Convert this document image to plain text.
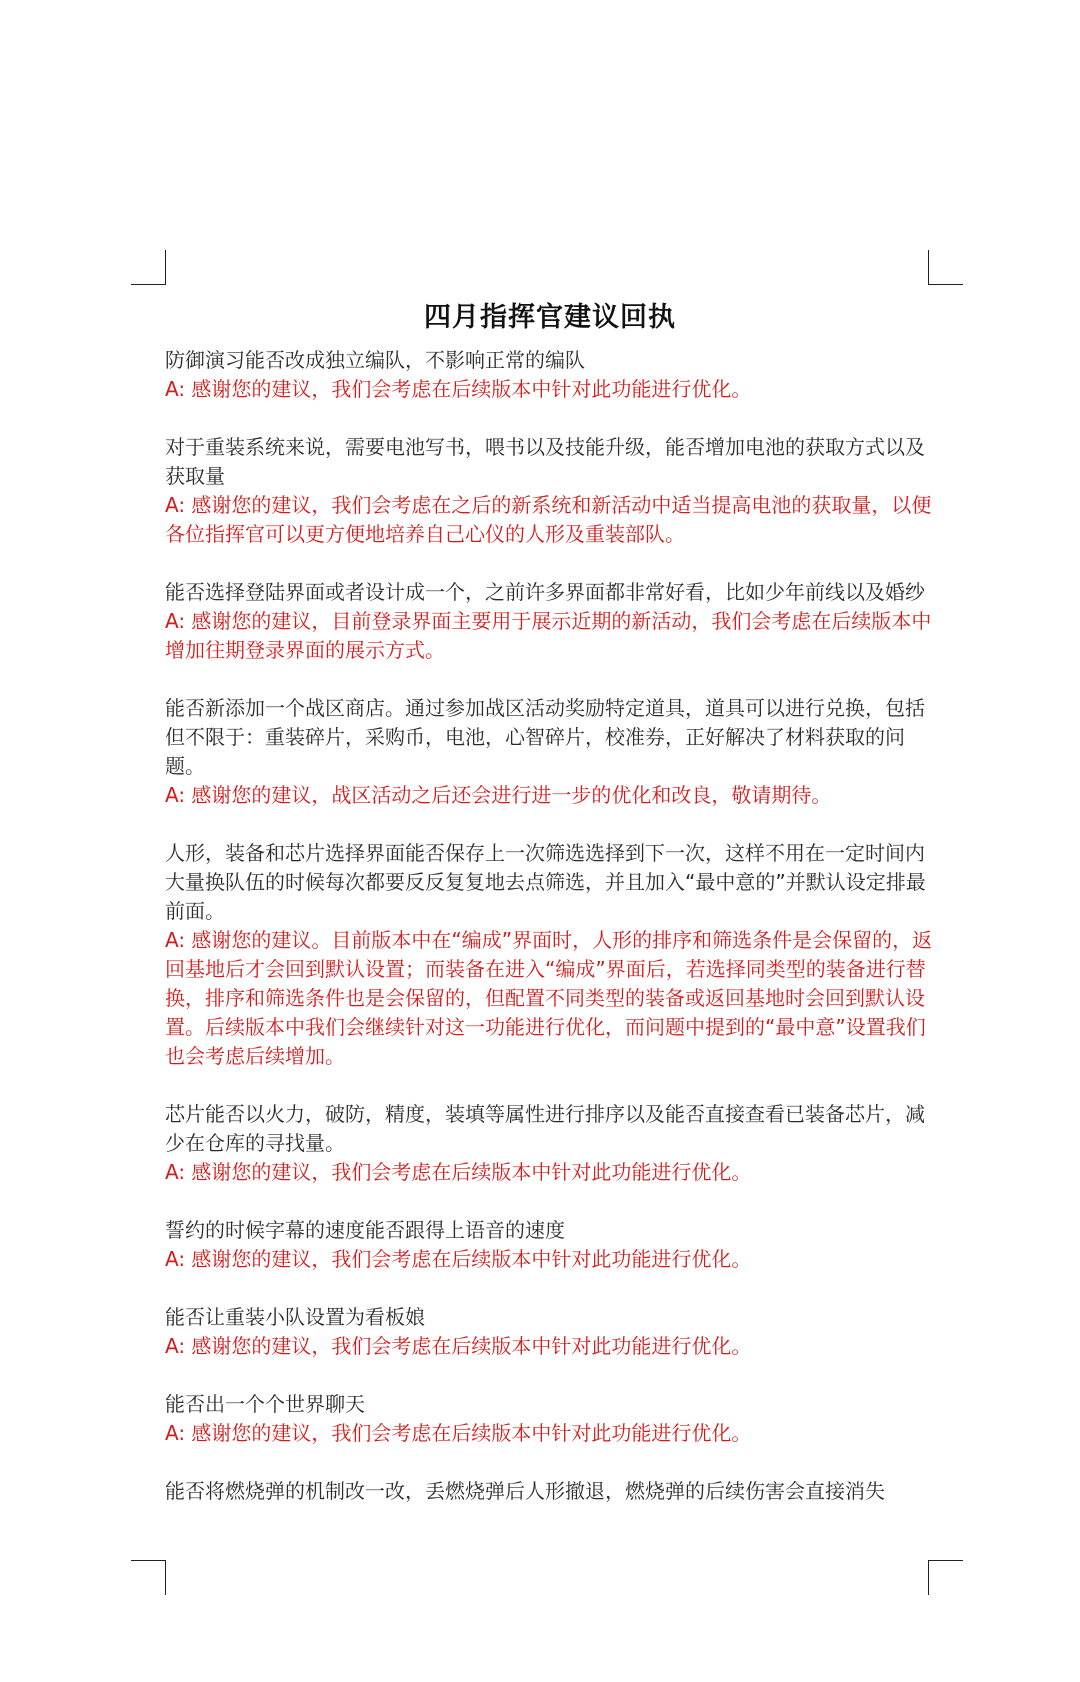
四月指挥官建议回执

防御演习能否改成独立编队，不影响正常的编队

A: 感谢您的建议，我们会考虑在后续版本中针对此功能进行优化。

对于重装系统来说，需要电池写书，喂书以及技能升级，能否增加电池的获取方式以及获取量

A: 感谢您的建议，我们会考虑在之后的新系统和新活动中适当提高电池的获取量，以便各位指挥官可以更方便地培养自己心仪的人形及重装部队。

能否选择登陆界面或者设计成一个，之前许多界面都非常好看，比如少年前线以及婚纱

A: 感谢您的建议，目前登录界面主要用于展示近期的新活动，我们会考虑在后续版本中增加往期登录界面的展示方式。

能否新添加一个战区商店。通过参加战区活动奖励特定道具，道具可以进行兑换，包括但不限于：重装碎片，采购币，电池，心智碎片，校准券，正好解决了材料获取的问题。

A: 感谢您的建议，战区活动之后还会进行进一步的优化和改良，敬请期待。

人形，装备和芯片选择界面能否保存上一次筛选选择到下一次，这样不用在一定时间内大量换队伍的时候每次都要反反复复地去点筛选，并且加入“最中意的”并默认设定排最前面。

A: 感谢您的建议。目前版本中在“编成”界面时，人形的排序和筛选条件是会保留的，返回基地后才会回到默认设置；而装备在进入“编成”界面后，若选择同类型的装备进行替换，排序和筛选条件也是会保留的，但配置不同类型的装备或返回基地时会回到默认设置。后续版本中我们会继续针对这一功能进行优化，而问题中提到的“最中意”设置我们也会考虑后续增加。

芯片能否以火力，破防，精度，装填等属性进行排序以及能否直接查看已装备芯片，减少在仓库的寻找量。

A: 感谢您的建议，我们会考虑在后续版本中针对此功能进行优化。

誓约的时候字幕的速度能否跟得上语音的速度

A: 感谢您的建议，我们会考虑在后续版本中针对此功能进行优化。

能否让重装小队设置为看板娘

A: 感谢您的建议，我们会考虑在后续版本中针对此功能进行优化。

能否出一个个世界聊天

A: 感谢您的建议，我们会考虑在后续版本中针对此功能进行优化。

能否将燃烧弹的机制改一改，丢燃烧弹后人形撤退，燃烧弹的后续伤害会直接消失
